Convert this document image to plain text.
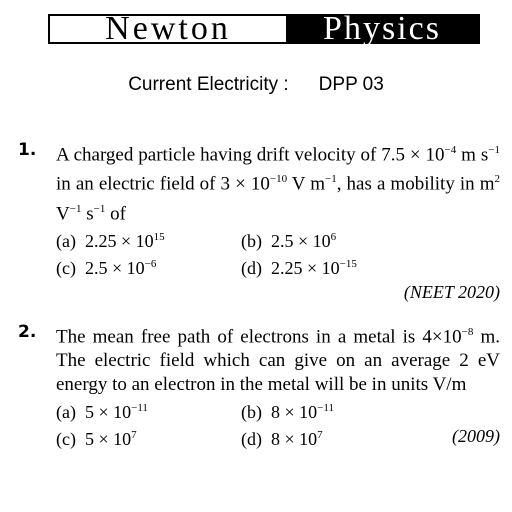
Newton	Physics
Current Electricity : DPP 03
1. A charged particle having drift velocity of $7.5 \times 10^{-4}$ m $s^{-1}$ in an electric field of $3 \times 10^{-10}$ V $m^{-1}$, has a mobility in $m^2$ $V^{-1}$ $s^{-1}$ of
(a) $2.25 \times 10^{15}$	(b) $2.5 \times 10^6$
(c) $2.5 \times 10^{-6}$	(d) $2.25 \times 10^{-15}$
(NEET 2020)
2. The mean free path of electrons in a metal is $4\times 10^{-8}$ m. The electric field which can give on an average 2 eV energy to an electron in the metal will be in units V/m
(a) $5 \times 10^{-11}$	(b) $8 \times 10^{-11}$
(c) $5 \times 10^7$	(d) $8 \times 10^7$	(2009)
